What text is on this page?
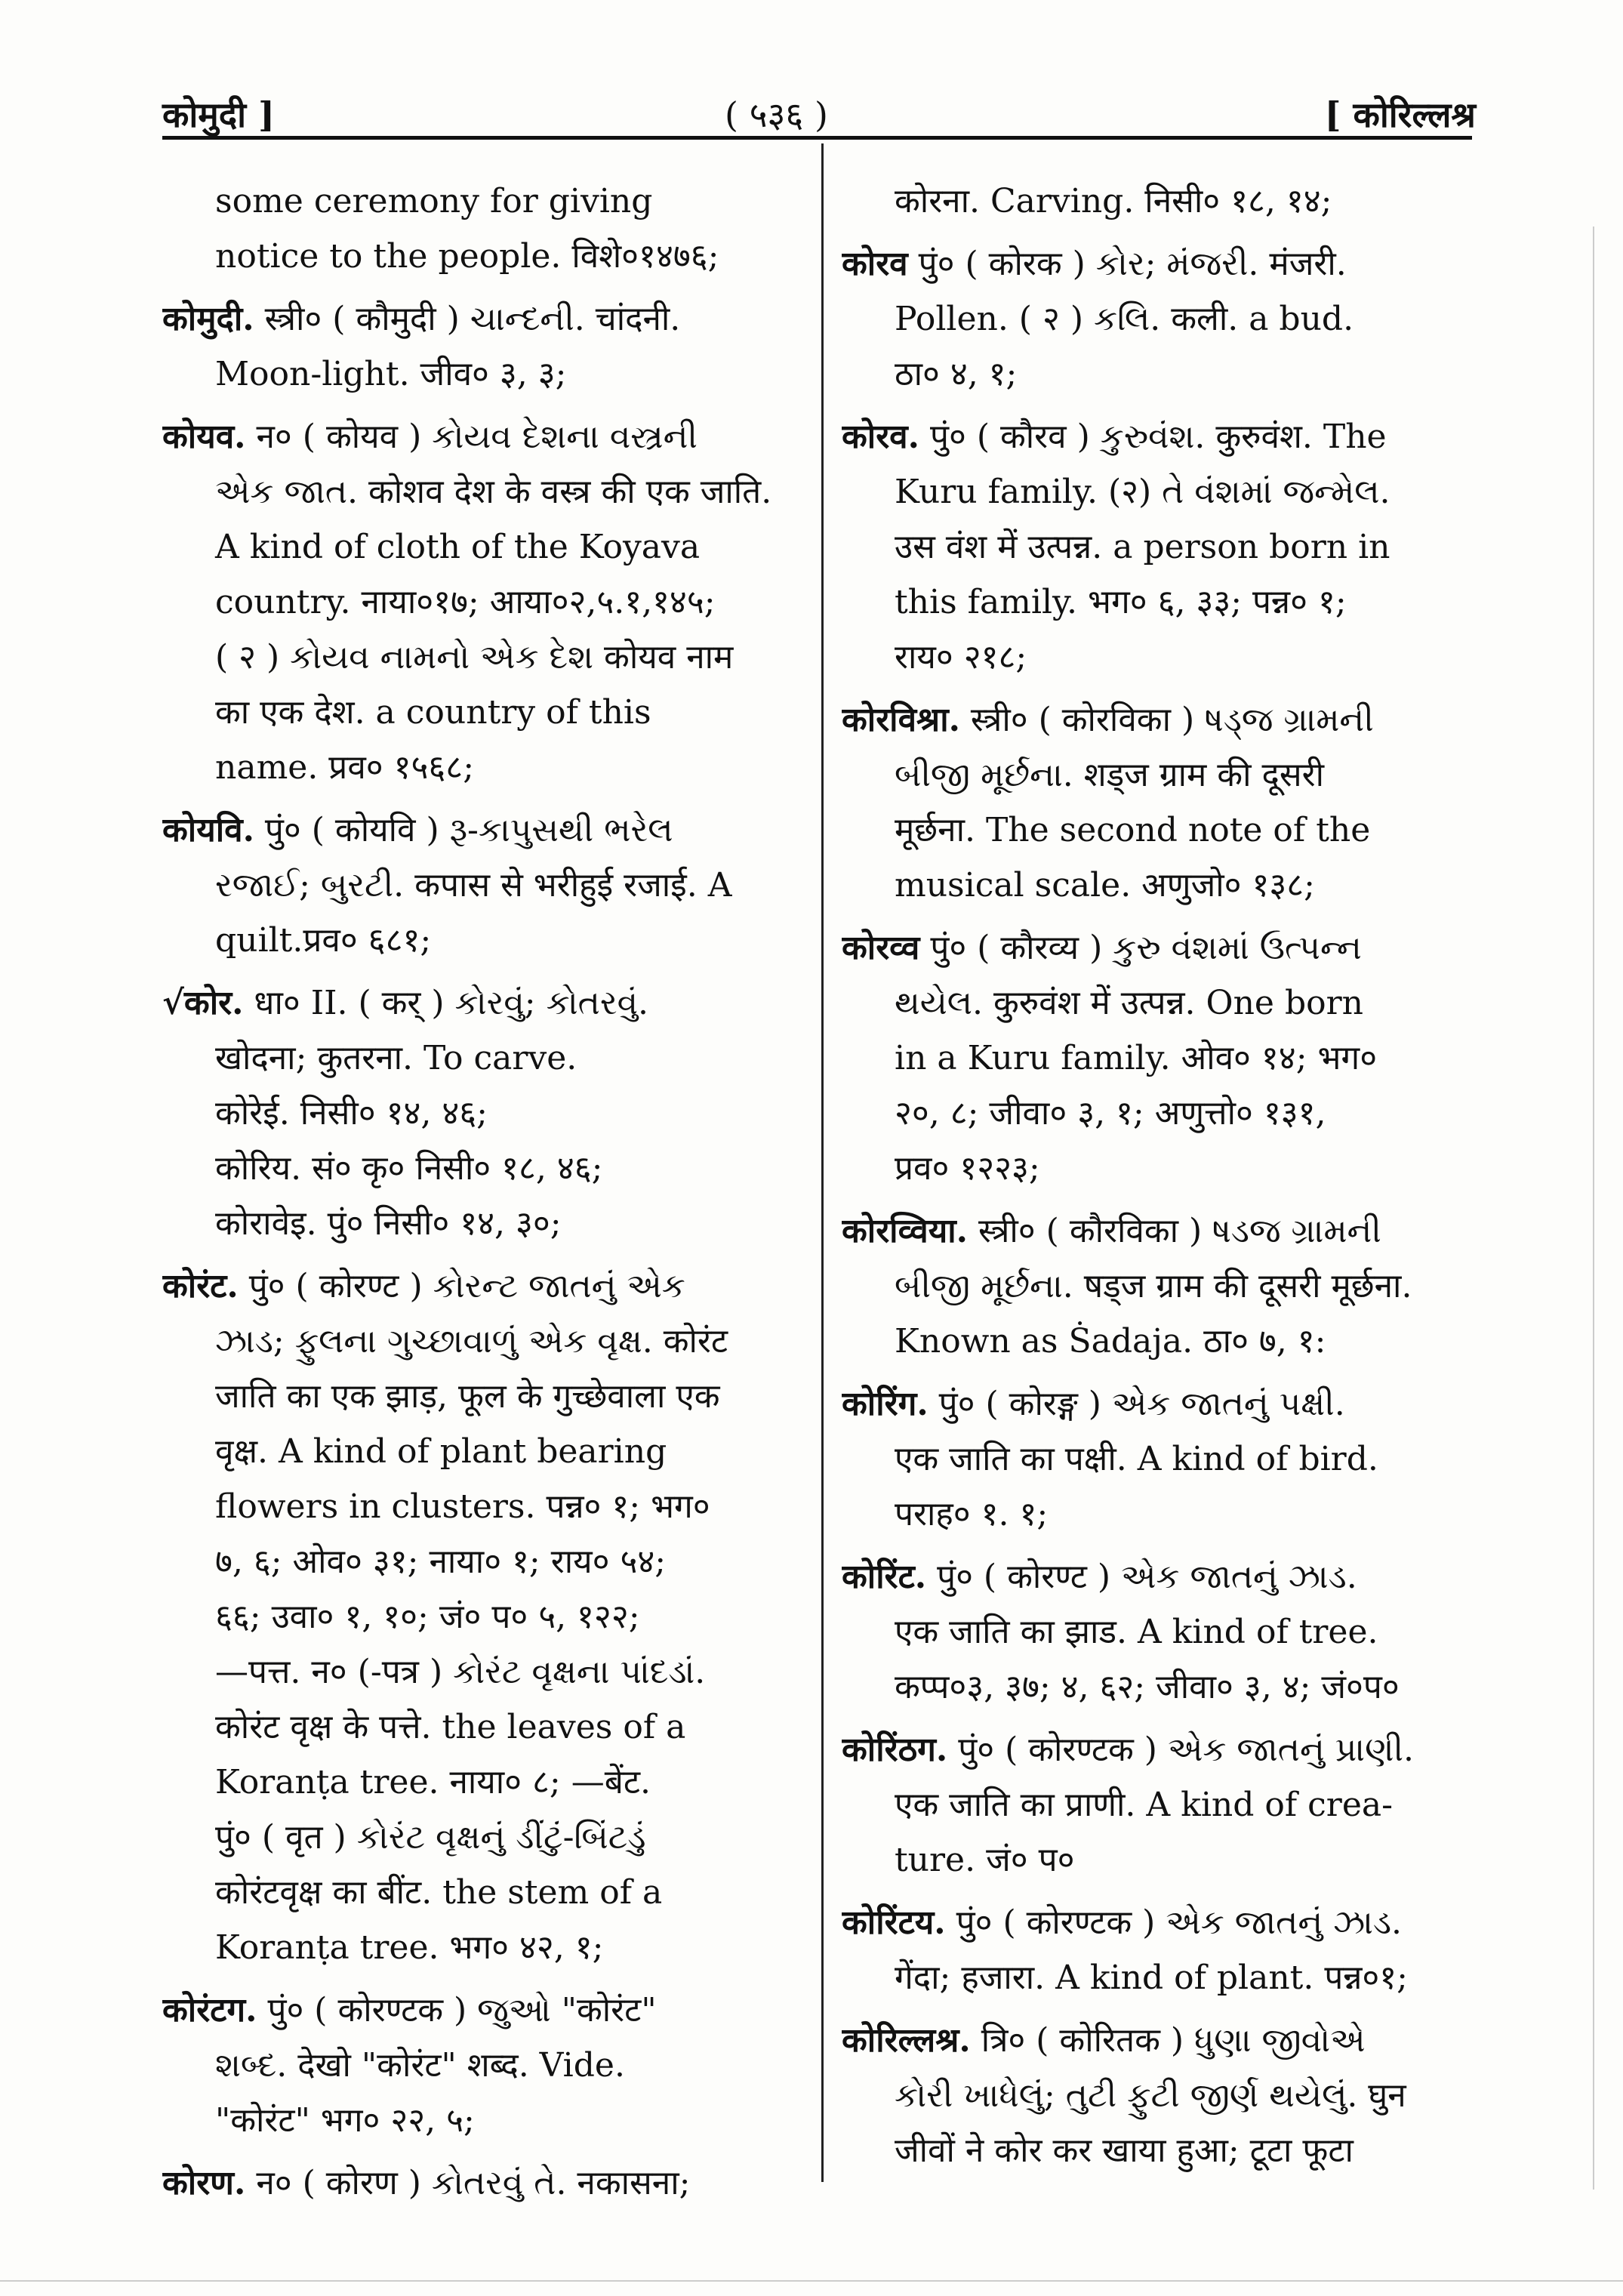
कोमुदी ]	( ५३६ )	[ कोरिल्लश्र
some ceremony for giving
notice to the people. विशे०१४७६;
कोमुदी. स्त्री० ( कौमुदी ) ચાન્દની. चांदनी.
Moon-light. जीव० ३, ३;
कोयव. न० ( कोयव ) કોયવ દેશના વસ્ત્રની
એક જાત. कोशव देश के वस्त्र की एक जाति.
A kind of cloth of the Koyava
country. नाया०१७; आया०२,५.१,१४५;
( २ ) કોયવ નામનો એક દેશ कोयव नाम
का एक देश. a country of this
name. प्रव० १५६८;
कोयवि. पुं० ( कोयवि ) રૂ-કાપુસથી ભરેલ
રજાઈ; બુરટી. कपास से भरीहुई रजाई. A
quilt.प्रव० ६८१;
√कोर. धा० II. ( कर् ) કોરવું; કોતરવું.
खोदना; कुतरना. To carve.
कोरेई. निसी० १४, ४६;
कोरिय. सं० कृ० निसी० १८, ४६;
कोरावेइ. पुं० निसी० १४, ३०;
कोरंट. पुं० ( कोरण्ट ) કોરન્ટ જાતનું એક
ઝાડ; ફુલના ગુચ્છાવાળું એક વૃક્ષ. कोरंट
जाति का एक झाड़, फूल के गुच्छेवाला एक
वृक्ष. A kind of plant bearing
flowers in clusters. पन्न० १; भग०
७, ६; ओव० ३१; नाया० १; राय० ५४;
६६; उवा० १, १०; जं० प० ५, १२२;
—पत्त. न० (-पत्र ) કોરંટ વૃક્ષના પાંદડાં.
कोरंट वृक्ष के पत्ते. the leaves of a
Koranṭa tree. नाया० ८; —बेंट.
पुं० ( वृत ) કોરંટ વૃક્ષનું ડીંટું-બિંટડું
कोरंटवृक्ष का बींट. the stem of a
Koranṭa tree. भग० ४२, १;
कोरंटग. पुं० ( कोरण्टक ) જુઓ "कोरंट"
શબ્દ. देखो "कोरंट" शब्द. Vide.
"कोरंट" भग० २२, ५;
कोरण. न० ( कोरण ) કોતરવું તે. नकासना;
कोरना. Carving. निसी० १८, १४;
कोरव पुं० ( कोरक ) કોર; મંજરી. मंजरी.
Pollen. ( २ ) કલિ. कली. a bud.
ठा० ४, १;
कोरव. पुं० ( कौरव ) કુરુવંશ. कुरुवंश. The
Kuru family. (२) તે વંશમાં જન્મેલ.
उस वंश में उत्पन्न. a person born in
this family. भग० ६, ३३; पन्न० १;
राय० २१८;
कोरविश्रा. स्त्री० ( कोरविका ) ષડ્જ ગ્રામની
બીજી મૂર્છના. शड्ज ग्राम की दूसरी
मूर्छना. The second note of the
musical scale. अणुजो० १३८;
कोरव्व पुं० ( कौरव्य ) કુરુ વંશમાં ઉત્પન્ન
થયેલ. कुरुवंश में उत्पन्न. One born
in a Kuru family. ओव० १४; भग०
२०, ८; जीवा० ३, १; अणुत्तो० १३१,
प्रव० १२२३;
कोरव्विया. स्त्री० ( कौरविका ) ષડજ ગ્રામની
બીજી મૂર્છના. षड्ज ग्राम की दूसरी मूर्छना.
Known as Ṡadaja. ठा० ७, १:
कोरिंग. पुं० ( कोरङ्ग ) એક જાતનું પક્ષી.
एक जाति का पक्षी. A kind of bird.
पराह० १. १;
कोरिंट. पुं० ( कोरण्ट ) એક જાતનું ઝાડ.
एक जाति का झाड. A kind of tree.
कप्प०३, ३७; ४, ६२; जीवा० ३, ४; जं०प०
कोरिंठग. पुं० ( कोरण्टक ) એક જાતનું પ્રાણી.
एक जाति का प्राणी. A kind of crea-
ture. जं० प०
कोरिंटय. पुं० ( कोरण्टक ) એક જાતનું ઝાડ.
गेंदा; हजारा. A kind of plant. पन्न०१;
कोरिल्लश्र. त्रि० ( कोरितक ) ધુણા જીવોએ
કોરી ખાધેલું; તુટી ફુટી જીર્ણ થયેલું. घुन
जीवों ने कोर कर खाया हुआ; टूटा फूटा
